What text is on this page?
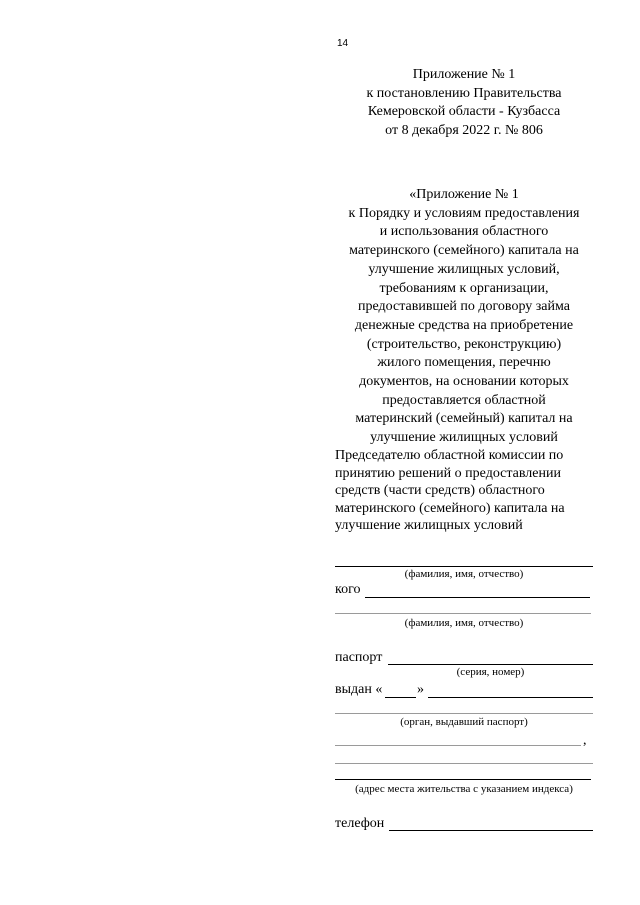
14
Приложение № 1
к постановлению Правительства
Кемеровской области - Кузбасса
от 8 декабря 2022 г. № 806
«Приложение № 1
к Порядку и условиям предоставления
и использования областного
материнского (семейного) капитала на
улучшение жилищных условий,
требованиям к организации,
предоставившей по договору займа
денежные средства на приобретение
(строительство, реконструкцию)
жилого помещения, перечню
документов, на основании которых
предоставляется областной
материнский (семейный) капитал на
улучшение жилищных условий
Председателю областной комиссии по
принятию решений о предоставлении
средств (части средств) областного
материнского (семейного) капитала на
улучшение жилищных условий
(фамилия, имя, отчество)
кого
(фамилия, имя, отчество)
паспорт
(серия, номер)
выдан « »
(орган, выдавший паспорт)
,
(адрес места жительства с указанием индекса)
телефон
